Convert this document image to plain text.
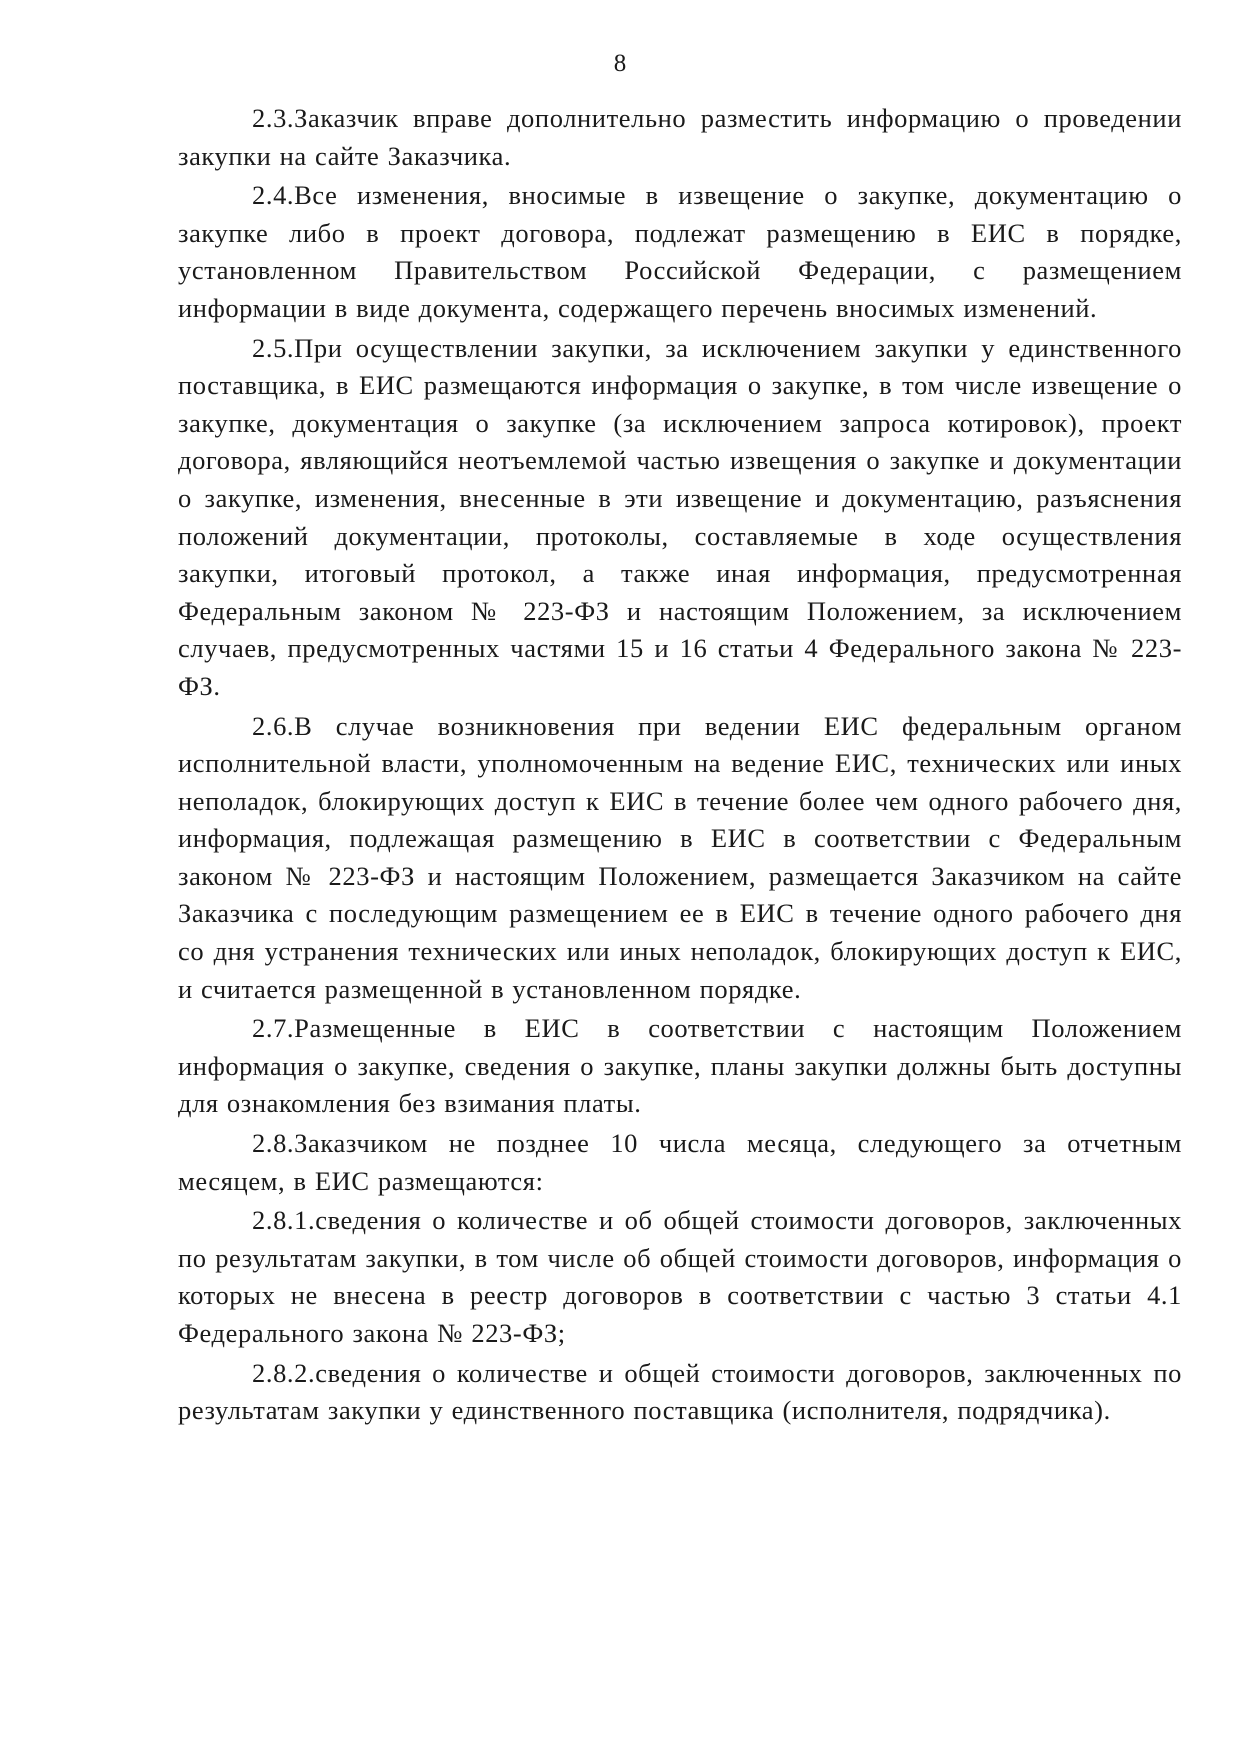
8

2.3.Заказчик вправе дополнительно разместить информацию о проведении закупки на сайте Заказчика.

2.4.Все изменения, вносимые в извещение о закупке, документацию о закупке либо в проект договора, подлежат размещению в ЕИС в порядке, установленном Правительством Российской Федерации, с размещением информации в виде документа, содержащего перечень вносимых изменений.

2.5.При осуществлении закупки, за исключением закупки у единственного поставщика, в ЕИС размещаются информация о закупке, в том числе извещение о закупке, документация о закупке (за исключением запроса котировок), проект договора, являющийся неотъемлемой частью извещения о закупке и документации о закупке, изменения, внесенные в эти извещение и документацию, разъяснения положений документации, протоколы, составляемые в ходе осуществления закупки, итоговый протокол, а также иная информация, предусмотренная Федеральным законом № 223-ФЗ и настоящим Положением, за исключением случаев, предусмотренных частями 15 и 16 статьи 4 Федерального закона № 223-ФЗ.

2.6.В случае возникновения при ведении ЕИС федеральным органом исполнительной власти, уполномоченным на ведение ЕИС, технических или иных неполадок, блокирующих доступ к ЕИС в течение более чем одного рабочего дня, информация, подлежащая размещению в ЕИС в соответствии с Федеральным законом № 223-ФЗ и настоящим Положением, размещается Заказчиком на сайте Заказчика с последующим размещением ее в ЕИС в течение одного рабочего дня со дня устранения технических или иных неполадок, блокирующих доступ к ЕИС, и считается размещенной в установленном порядке.

2.7.Размещенные в ЕИС в соответствии с настоящим Положением информация о закупке, сведения о закупке, планы закупки должны быть доступны для ознакомления без взимания платы.

2.8.Заказчиком не позднее 10 числа месяца, следующего за отчетным месяцем, в ЕИС размещаются:

2.8.1.сведения о количестве и об общей стоимости договоров, заключенных по результатам закупки, в том числе об общей стоимости договоров, информация о которых не внесена в реестр договоров в соответствии с частью 3 статьи 4.1 Федерального закона № 223-ФЗ;

2.8.2.сведения о количестве и общей стоимости договоров, заключенных по результатам закупки у единственного поставщика (исполнителя, подрядчика).
